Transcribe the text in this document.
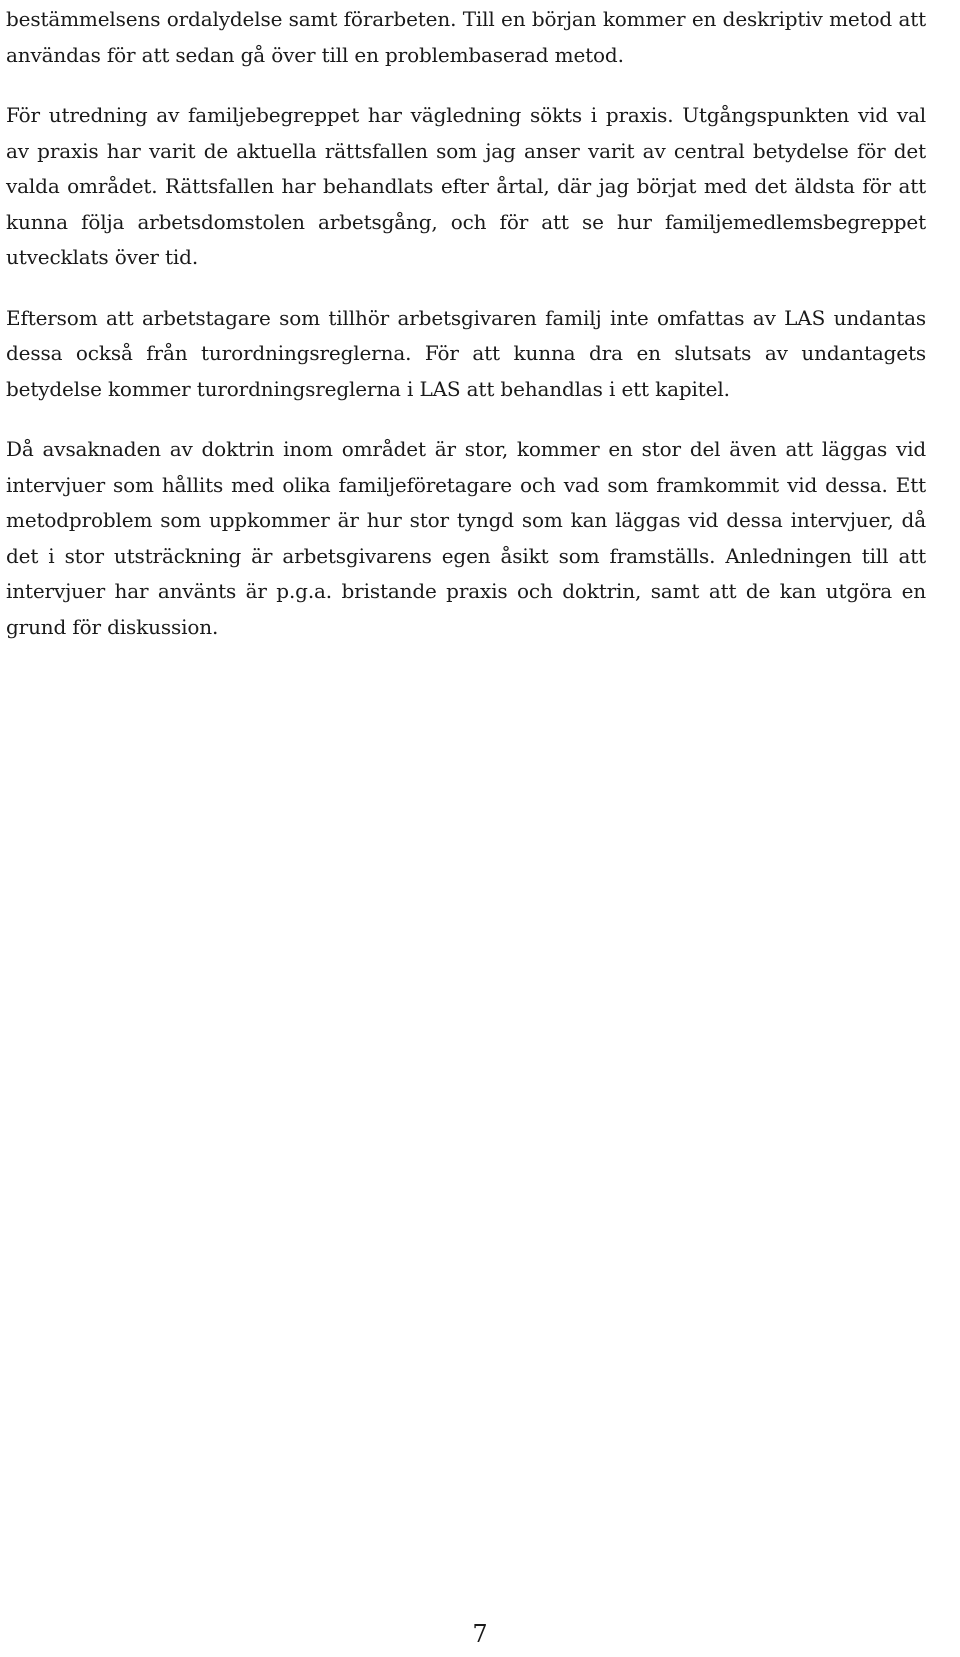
bestämmelsens ordalydelse samt förarbeten. Till en början kommer en deskriptiv metod att användas för att sedan gå över till en problembaserad metod.

För utredning av familjebegreppet har vägledning sökts i praxis. Utgångspunkten vid val av praxis har varit de aktuella rättsfallen som jag anser varit av central betydelse för det valda området. Rättsfallen har behandlats efter årtal, där jag börjat med det äldsta för att kunna följa arbetsdomstolen arbetsgång, och för att se hur familjemedlemsbegreppet utvecklats över tid.

Eftersom att arbetstagare som tillhör arbetsgivaren familj inte omfattas av LAS undantas dessa också från turordningsreglerna. För att kunna dra en slutsats av undantagets betydelse kommer turordningsreglerna i LAS att behandlas i ett kapitel.

Då avsaknaden av doktrin inom området är stor, kommer en stor del även att läggas vid intervjuer som hållits med olika familjeföretagare och vad som framkommit vid dessa. Ett metodproblem som uppkommer är hur stor tyngd som kan läggas vid dessa intervjuer, då det i stor utsträckning är arbetsgivarens egen åsikt som framställs. Anledningen till att intervjuer har använts är p.g.a. bristande praxis och doktrin, samt att de kan utgöra en grund för diskussion.

7
